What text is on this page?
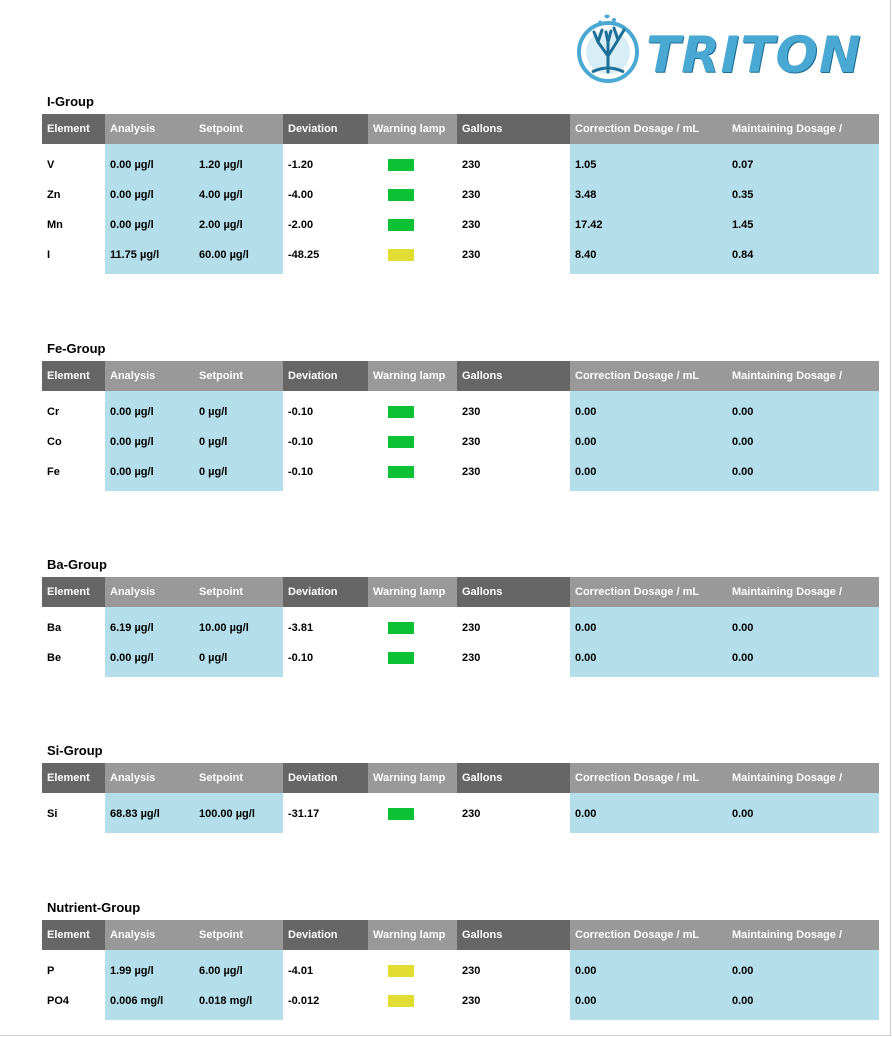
TRITON
I-Group
Element	Analysis	Setpoint	Deviation	Warning lamp	Gallons	Correction Dosage / mL	Maintaining Dosage /
V	0.00 µg/l	1.20 µg/l	-1.20		230	1.05	0.07
Zn	0.00 µg/l	4.00 µg/l	-4.00		230	3.48	0.35
Mn	0.00 µg/l	2.00 µg/l	-2.00		230	17.42	1.45
I	11.75 µg/l	60.00 µg/l	-48.25		230	8.40	0.84
Fe-Group
Element	Analysis	Setpoint	Deviation	Warning lamp	Gallons	Correction Dosage / mL	Maintaining Dosage /
Cr	0.00 µg/l	0 µg/l	-0.10		230	0.00	0.00
Co	0.00 µg/l	0 µg/l	-0.10		230	0.00	0.00
Fe	0.00 µg/l	0 µg/l	-0.10		230	0.00	0.00
Ba-Group
Element	Analysis	Setpoint	Deviation	Warning lamp	Gallons	Correction Dosage / mL	Maintaining Dosage /
Ba	6.19 µg/l	10.00 µg/l	-3.81		230	0.00	0.00
Be	0.00 µg/l	0 µg/l	-0.10		230	0.00	0.00
Si-Group
Element	Analysis	Setpoint	Deviation	Warning lamp	Gallons	Correction Dosage / mL	Maintaining Dosage /
Si	68.83 µg/l	100.00 µg/l	-31.17		230	0.00	0.00
Nutrient-Group
Element	Analysis	Setpoint	Deviation	Warning lamp	Gallons	Correction Dosage / mL	Maintaining Dosage /
P	1.99 µg/l	6.00 µg/l	-4.01		230	0.00	0.00
PO4	0.006 mg/l	0.018 mg/l	-0.012		230	0.00	0.00
